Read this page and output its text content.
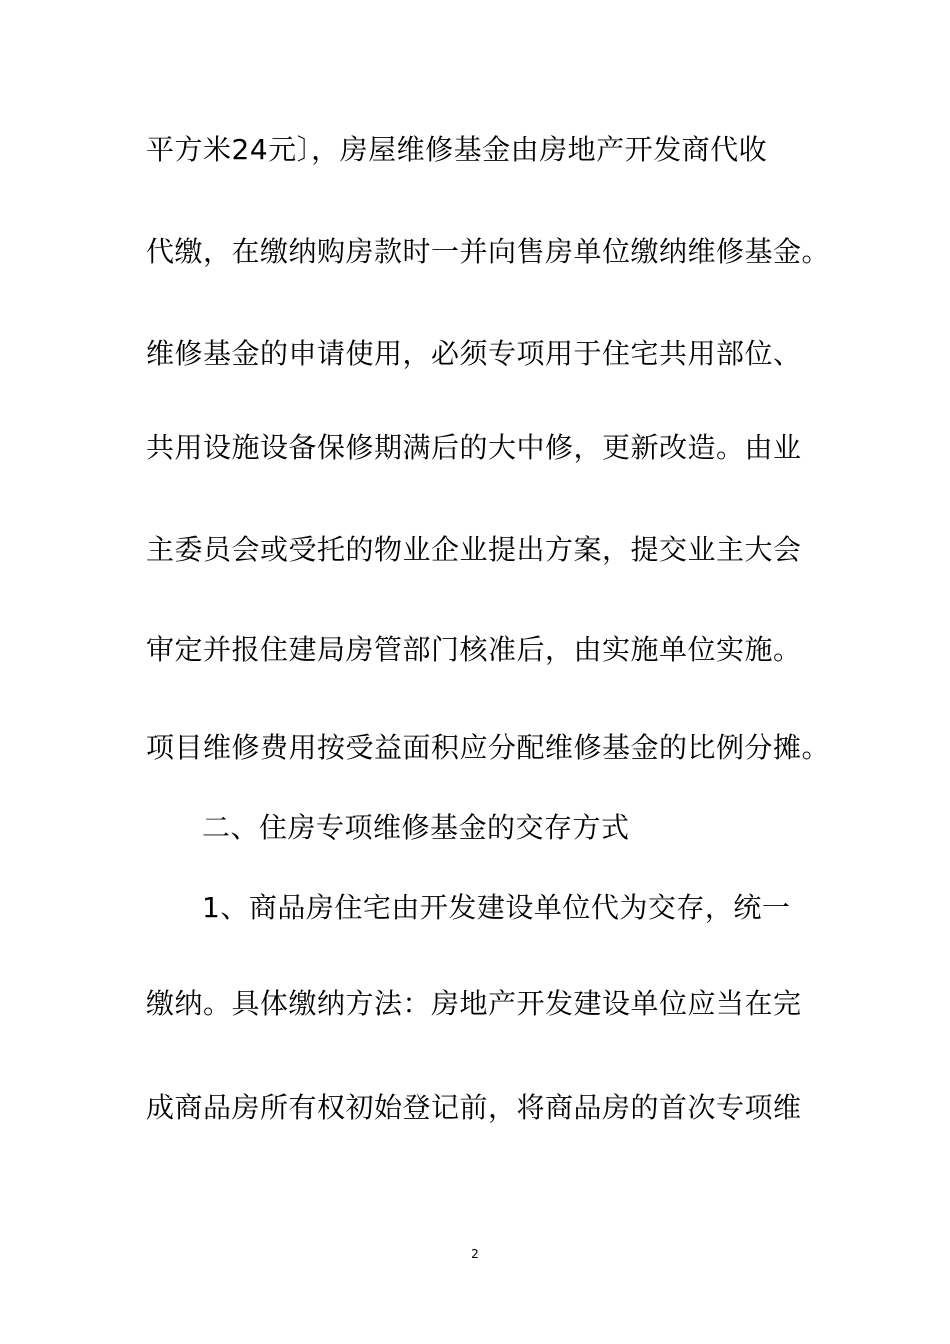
平方米24元〕，房屋维修基金由房地产开发商代收
代缴，在缴纳购房款时一并向售房单位缴纳维修基金。
维修基金的申请使用，必须专项用于住宅共用部位、
共用设施设备保修期满后的大中修，更新改造。由业
主委员会或受托的物业企业提出方案，提交业主大会
审定并报住建局房管部门核准后，由实施单位实施。
项目维修费用按受益面积应分配维修基金的比例分摊。
二、住房专项维修基金的交存方式
1、商品房住宅由开发建设单位代为交存，统一
缴纳。具体缴纳方法：房地产开发建设单位应当在完
成商品房所有权初始登记前，将商品房的首次专项维
2
